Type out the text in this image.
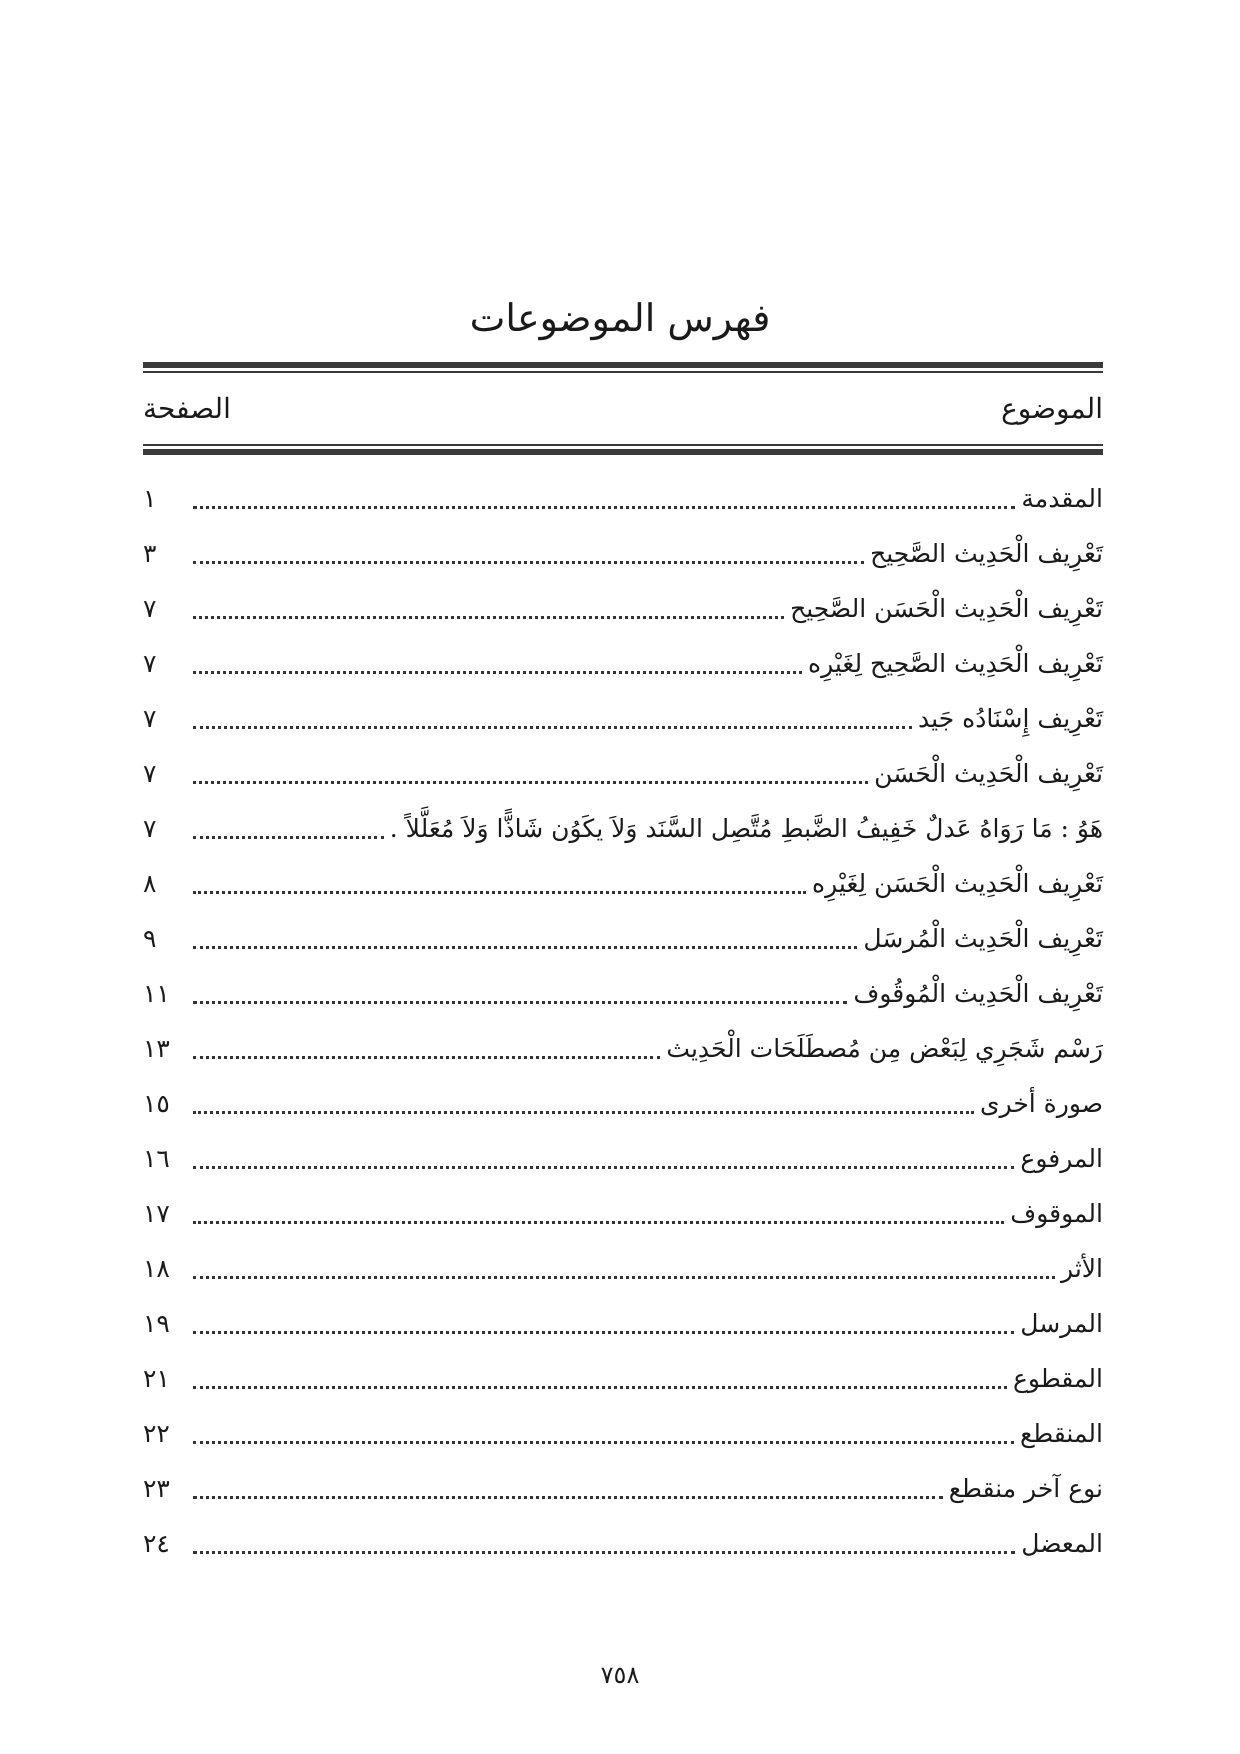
فهرس الموضوعات
الموضوع
الصفحة
المقدمة
١
تَعْرِيف الْحَدِيث الصَّحِيح
٣
تَعْرِيف الْحَدِيث الْحَسَن الصَّحِيح
٧
تَعْرِيف الْحَدِيث الصَّحِيح لِغَيْرِه
٧
تَعْرِيف إِسْنَادُه جَيد
٧
تَعْرِيف الْحَدِيث الْحَسَن
٧
هَوُ : مَا رَوَاهُ عَدلٌ خَفِيفُ الضَّبطِ مُتَّصِل السَّنَد وَلاَ يكَوُن شَاذًّا وَلاَ مُعَلَّلاً .
٧
تَعْرِيف الْحَدِيث الْحَسَن لِغَيْرِه
٨
تَعْرِيف الْحَدِيث الْمُرسَل
٩
تَعْرِيف الْحَدِيث الْمُوقُوف
١١
رَسْم شَجَرِي لِبَعْض مِن مُصطَلَحَات الْحَدِيث
١٣
صورة أخرى
١٥
المرفوع
١٦
الموقوف
١٧
الأثر
١٨
المرسل
١٩
المقطوع
٢١
المنقطع
٢٢
نوع آخر منقطع
٢٣
المعضل
٢٤
٧٥٨
